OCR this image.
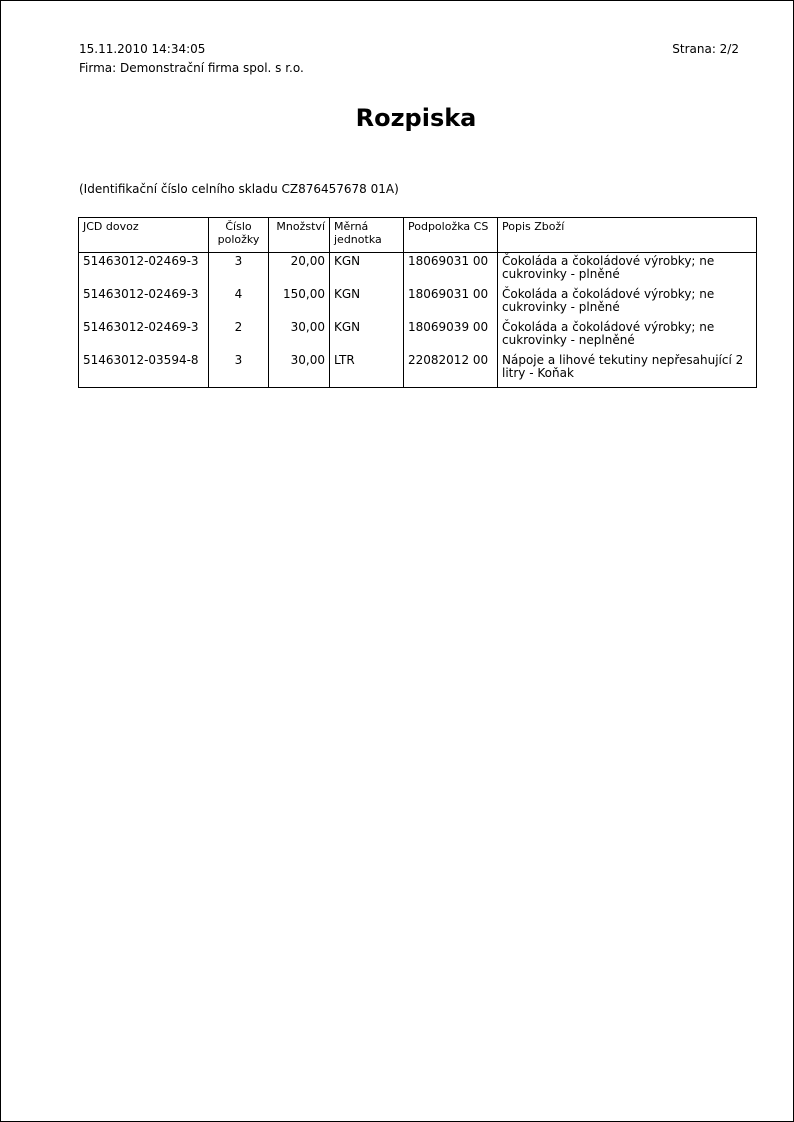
15.11.2010 14:34:05	Strana: 2/2
Firma: Demonstrační firma spol. s r.o.
Rozpiska
(Identifikační číslo celního skladu CZ876457678 01A)
JCD dovoz	Číslo položky	Množství	Měrná jednotka	Podpoložka CS	Popis Zboží
51463012-02469-3	3	20,00	KGN	18069031 00	Čokoláda a čokoládové výrobky; ne cukrovinky - plněné
51463012-02469-3	4	150,00	KGN	18069031 00	Čokoláda a čokoládové výrobky; ne cukrovinky - plněné
51463012-02469-3	2	30,00	KGN	18069039 00	Čokoláda a čokoládové výrobky; ne cukrovinky - neplněné
51463012-03594-8	3	30,00	LTR	22082012 00	Nápoje a lihové tekutiny nepřesahující 2 litry - Koňak
